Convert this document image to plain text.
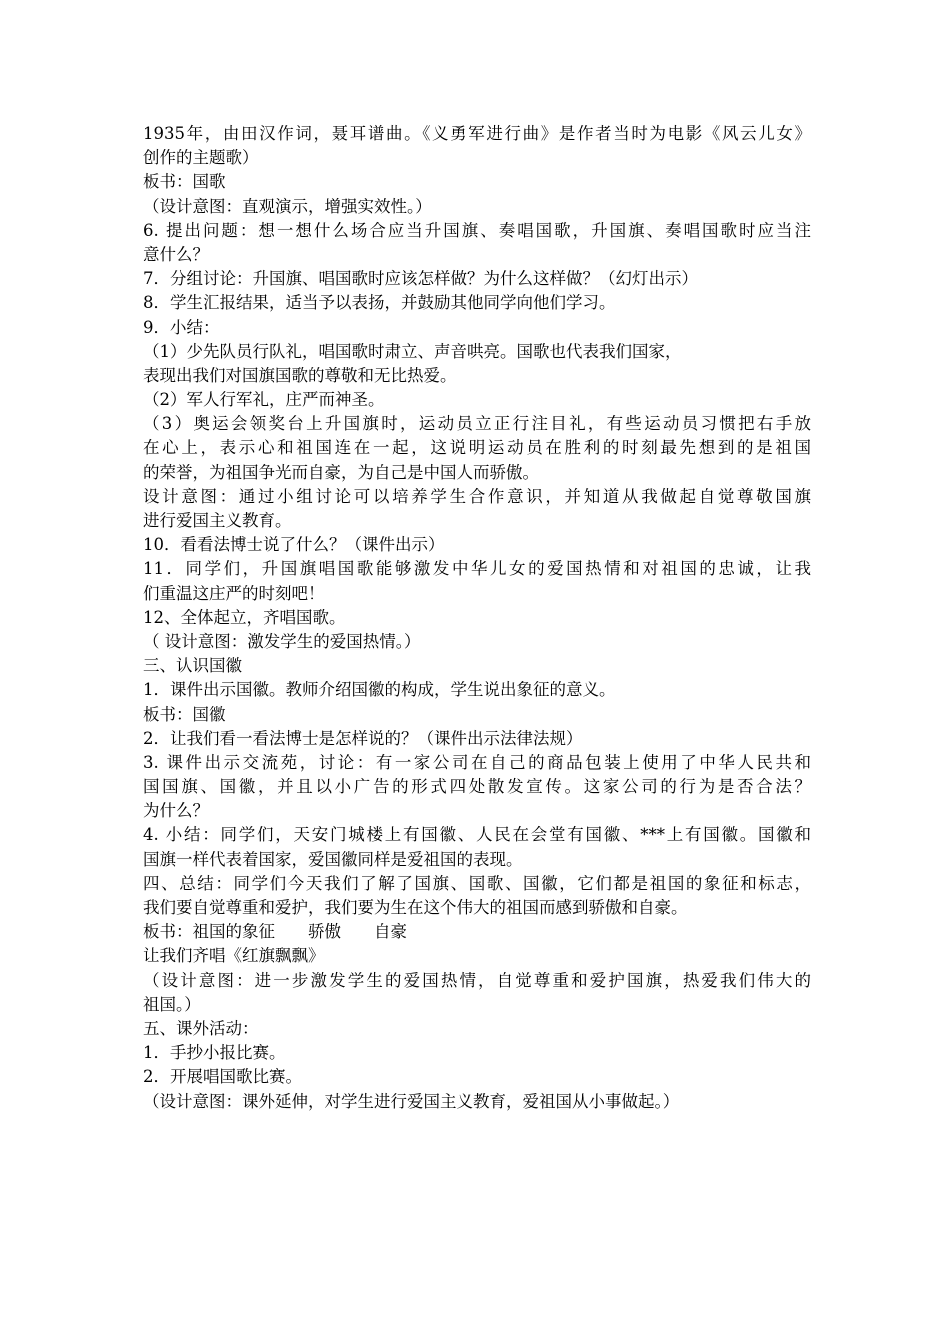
1935年，由田汉作词，聂耳谱曲。《义勇军进行曲》是作者当时为电影《风云儿女》
创作的主题歌）
板书：国歌
（设计意图：直观演示，增强实效性。）
6. 提出问题：想一想什么场合应当升国旗、奏唱国歌，升国旗、奏唱国歌时应当注
意什么？
7．分组讨论：升国旗、唱国歌时应该怎样做？为什么这样做？（幻灯出示）
8．学生汇报结果，适当予以表扬，并鼓励其他同学向他们学习。
9．小结：
（1）少先队员行队礼，唱国歌时肃立、声音哄亮。国歌也代表我们国家，
表现出我们对国旗国歌的尊敬和无比热爱。
（2）军人行军礼，庄严而神圣。
（3）奥运会领奖台上升国旗时，运动员立正行注目礼，有些运动员习惯把右手放
在心上，表示心和祖国连在一起，这说明运动员在胜利的时刻最先想到的是祖国
的荣誉，为祖国争光而自豪，为自己是中国人而骄傲。
设计意图：通过小组讨论可以培养学生合作意识，并知道从我做起自觉尊敬国旗
进行爱国主义教育。
10．看看法博士说了什么？（课件出示）
11．同学们，升国旗唱国歌能够激发中华儿女的爱国热情和对祖国的忠诚，让我
们重温这庄严的时刻吧！
12、全体起立，齐唱国歌。
（ 设计意图：激发学生的爱国热情。）
三、认识国徽
1．课件出示国徽。教师介绍国徽的构成，学生说出象征的意义。
板书：国徽
2．让我们看一看法博士是怎样说的？（课件出示法律法规）
3. 课件出示交流苑，讨论：有一家公司在自己的商品包装上使用了中华人民共和
国国旗、国徽，并且以小广告的形式四处散发宣传。这家公司的行为是否合法？
为什么？
4. 小结：同学们，天安门城楼上有国徽、人民在会堂有国徽、***上有国徽。国徽和
国旗一样代表着国家，爱国徽同样是爱祖国的表现。
四、总结：同学们今天我们了解了国旗、国歌、国徽，它们都是祖国的象征和标志，
我们要自觉尊重和爱护，我们要为生在这个伟大的祖国而感到骄傲和自豪。
板书：祖国的象征　　骄傲　　自豪
让我们齐唱《红旗飘飘》
（设计意图：进一步激发学生的爱国热情，自觉尊重和爱护国旗，热爱我们伟大的
祖国。）
五、课外活动：
1．手抄小报比赛。
2．开展唱国歌比赛。
（设计意图：课外延伸，对学生进行爱国主义教育，爱祖国从小事做起。）
